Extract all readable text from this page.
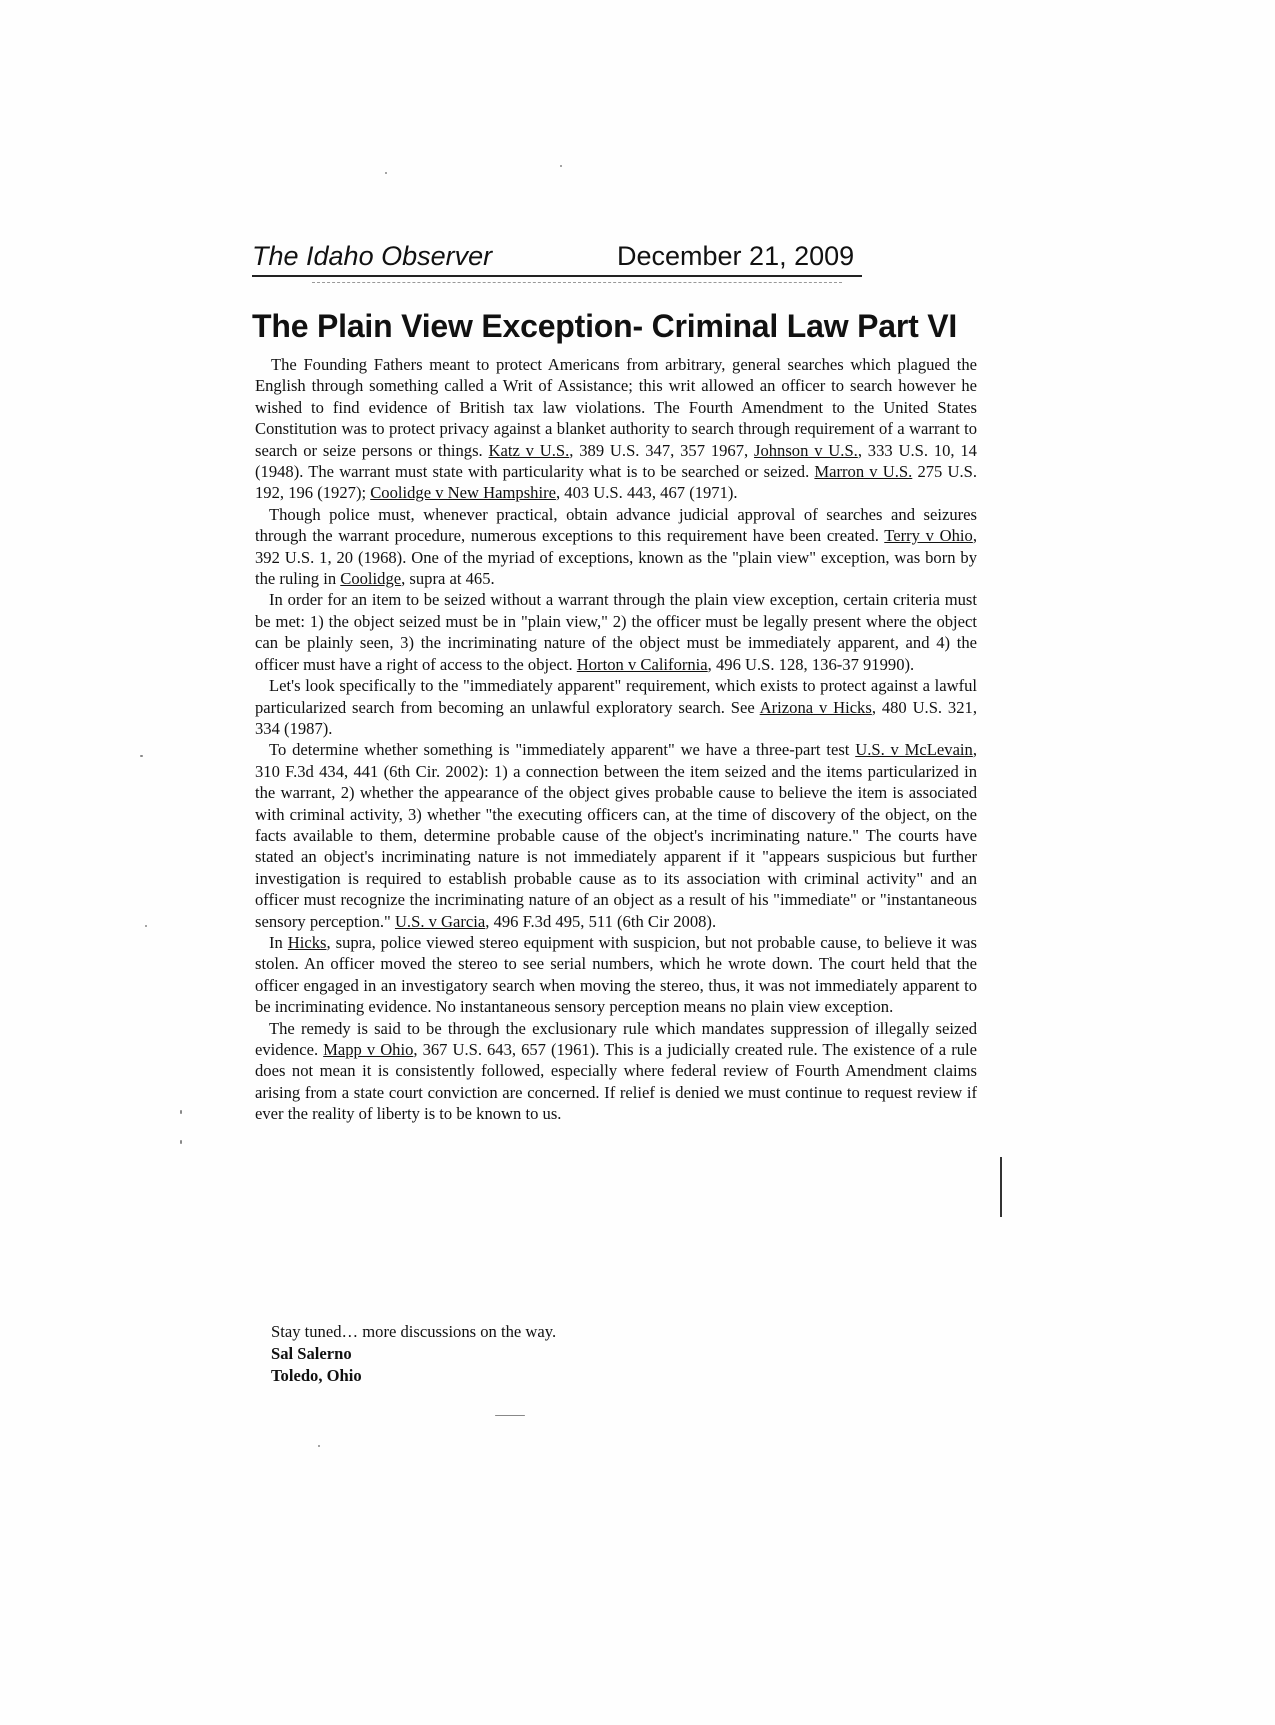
The Idaho Observer	December 21, 2009
The Plain View Exception- Criminal Law Part VI

The Founding Fathers meant to protect Americans from arbitrary, general searches which plagued the English through something called a Writ of Assistance; this writ allowed an officer to search however he wished to find evidence of British tax law violations. The Fourth Amendment to the United States Constitution was to protect privacy against a blanket authority to search through requirement of a warrant to search or seize persons or things. Katz v U.S., 389 U.S. 347, 357 1967, Johnson v U.S., 333 U.S. 10, 14 (1948). The warrant must state with particularity what is to be searched or seized. Marron v U.S. 275 U.S. 192, 196 (1927); Coolidge v New Hampshire, 403 U.S. 443, 467 (1971).

Though police must, whenever practical, obtain advance judicial approval of searches and seizures through the warrant procedure, numerous exceptions to this requirement have been created. Terry v Ohio, 392 U.S. 1, 20 (1968). One of the myriad of exceptions, known as the "plain view" exception, was born by the ruling in Coolidge, supra at 465.

In order for an item to be seized without a warrant through the plain view exception, certain criteria must be met: 1) the object seized must be in "plain view," 2) the officer must be legally present where the object can be plainly seen, 3) the incriminating nature of the object must be immediately apparent, and 4) the officer must have a right of access to the object. Horton v California, 496 U.S. 128, 136-37 91990).

Let's look specifically to the "immediately apparent" requirement, which exists to protect against a lawful particularized search from becoming an unlawful exploratory search. See Arizona v Hicks, 480 U.S. 321, 334 (1987).

To determine whether something is "immediately apparent" we have a three-part test U.S. v McLevain, 310 F.3d 434, 441 (6th Cir. 2002): 1) a connection between the item seized and the items particularized in the warrant, 2) whether the appearance of the object gives probable cause to believe the item is associated with criminal activity, 3) whether "the executing officers can, at the time of discovery of the object, on the facts available to them, determine probable cause of the object's incriminating nature." The courts have stated an object's incriminating nature is not immediately apparent if it "appears suspicious but further investigation is required to establish probable cause as to its association with criminal activity" and an officer must recognize the incriminating nature of an object as a result of his "immediate" or "instantaneous sensory perception." U.S. v Garcia, 496 F.3d 495, 511 (6th Cir 2008).

In Hicks, supra, police viewed stereo equipment with suspicion, but not probable cause, to believe it was stolen. An officer moved the stereo to see serial numbers, which he wrote down. The court held that the officer engaged in an investigatory search when moving the stereo, thus, it was not immediately apparent to be incriminating evidence. No instantaneous sensory perception means no plain view exception.

The remedy is said to be through the exclusionary rule which mandates suppression of illegally seized evidence. Mapp v Ohio, 367 U.S. 643, 657 (1961). This is a judicially created rule. The existence of a rule does not mean it is consistently followed, especially where federal review of Fourth Amendment claims arising from a state court conviction are concerned. If relief is denied we must continue to request review if ever the reality of liberty is to be known to us.

Stay tuned… more discussions on the way.
Sal Salerno
Toledo, Ohio
